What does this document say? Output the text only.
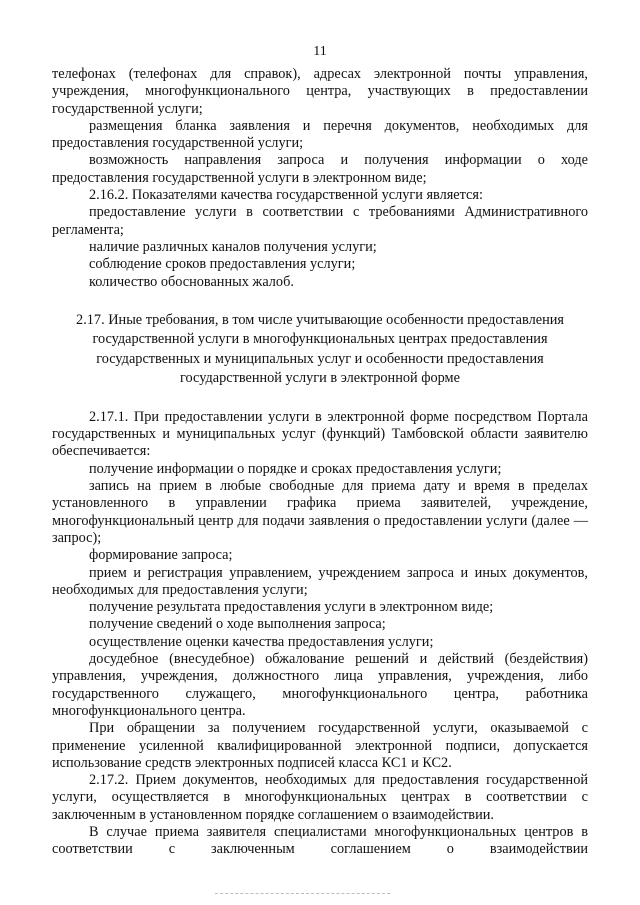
11

телефонах (телефонах для справок), адресах электронной почты управления, учреждения, многофункционального центра, участвующих в предоставлении государственной услуги;

размещения бланка заявления и перечня документов, необходимых для предоставления государственной услуги;

возможность направления запроса и получения информации о ходе предоставления государственной услуги в электронном виде;

2.16.2. Показателями качества государственной услуги является:

предоставление услуги в соответствии с требованиями Административного регламента;

наличие различных каналов получения услуги;

соблюдение сроков предоставления услуги;

количество обоснованных жалоб.

2.17. Иные требования, в том числе учитывающие особенности предоставления государственной услуги в многофункциональных центрах предоставления государственных и муниципальных услуг и особенности предоставления государственной услуги в электронной форме

2.17.1. При предоставлении услуги в электронной форме посредством Портала государственных и муниципальных услуг (функций) Тамбовской области заявителю обеспечивается:

получение информации о порядке и сроках предоставления услуги;

запись на прием в любые свободные для приема дату и время в пределах установленного в управлении графика приема заявителей, учреждение, многофункциональный центр для подачи заявления о предоставлении услуги (далее — запрос);

формирование запроса;

прием и регистрация управлением, учреждением запроса и иных документов, необходимых для предоставления услуги;

получение результата предоставления услуги в электронном виде;

получение сведений о ходе выполнения запроса;

осуществление оценки качества предоставления услуги;

досудебное (внесудебное) обжалование решений и действий (бездействия) управления, учреждения, должностного лица управления, учреждения, либо государственного служащего, многофункционального центра, работника многофункционального центра.

При обращении за получением государственной услуги, оказываемой с применение усиленной квалифицированной электронной подписи, допускается использование средств электронных подписей класса КС1 и КС2.

2.17.2. Прием документов, необходимых для предоставления государственной услуги, осуществляется в многофункциональных центрах в соответствии с заключенным в установленном порядке соглашением о взаимодействии.

В случае приема заявителя специалистами многофункциональных центров в соответствии с заключенным соглашением о взаимодействии
